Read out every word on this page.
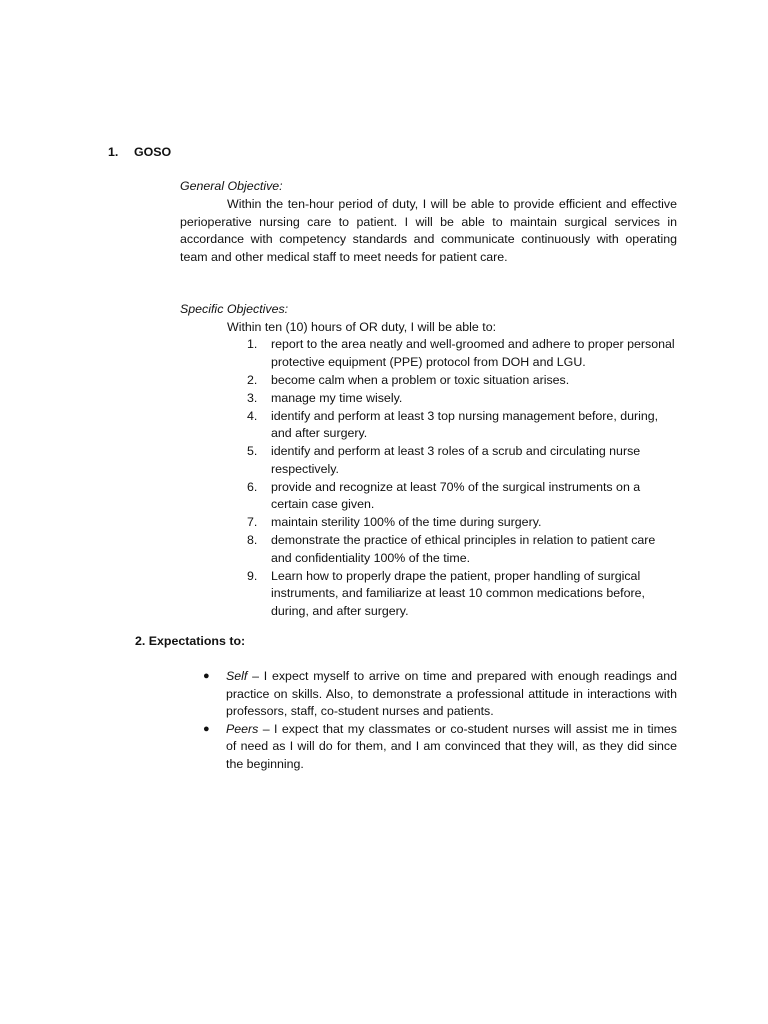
1. GOSO
General Objective:
Within the ten-hour period of duty, I will be able to provide efficient and effective perioperative nursing care to patient. I will be able to maintain surgical services in accordance with competency standards and communicate continuously with operating team and other medical staff to meet needs for patient care.
Specific Objectives:
Within ten (10) hours of OR duty, I will be able to:
1. report to the area neatly and well-groomed and adhere to proper personal protective equipment (PPE) protocol from DOH and LGU.
2. become calm when a problem or toxic situation arises.
3. manage my time wisely.
4. identify and perform at least 3 top nursing management before, during, and after surgery.
5. identify and perform at least 3 roles of a scrub and circulating nurse respectively.
6. provide and recognize at least 70% of the surgical instruments on a certain case given.
7. maintain sterility 100% of the time during surgery.
8. demonstrate the practice of ethical principles in relation to patient care and confidentiality 100% of the time.
9. Learn how to properly drape the patient, proper handling of surgical instruments, and familiarize at least 10 common medications before, during, and after surgery.
2. Expectations to:
● Self – I expect myself to arrive on time and prepared with enough readings and practice on skills. Also, to demonstrate a professional attitude in interactions with professors, staff, co-student nurses and patients.
● Peers – I expect that my classmates or co-student nurses will assist me in times of need as I will do for them, and I am convinced that they will, as they did since the beginning.
